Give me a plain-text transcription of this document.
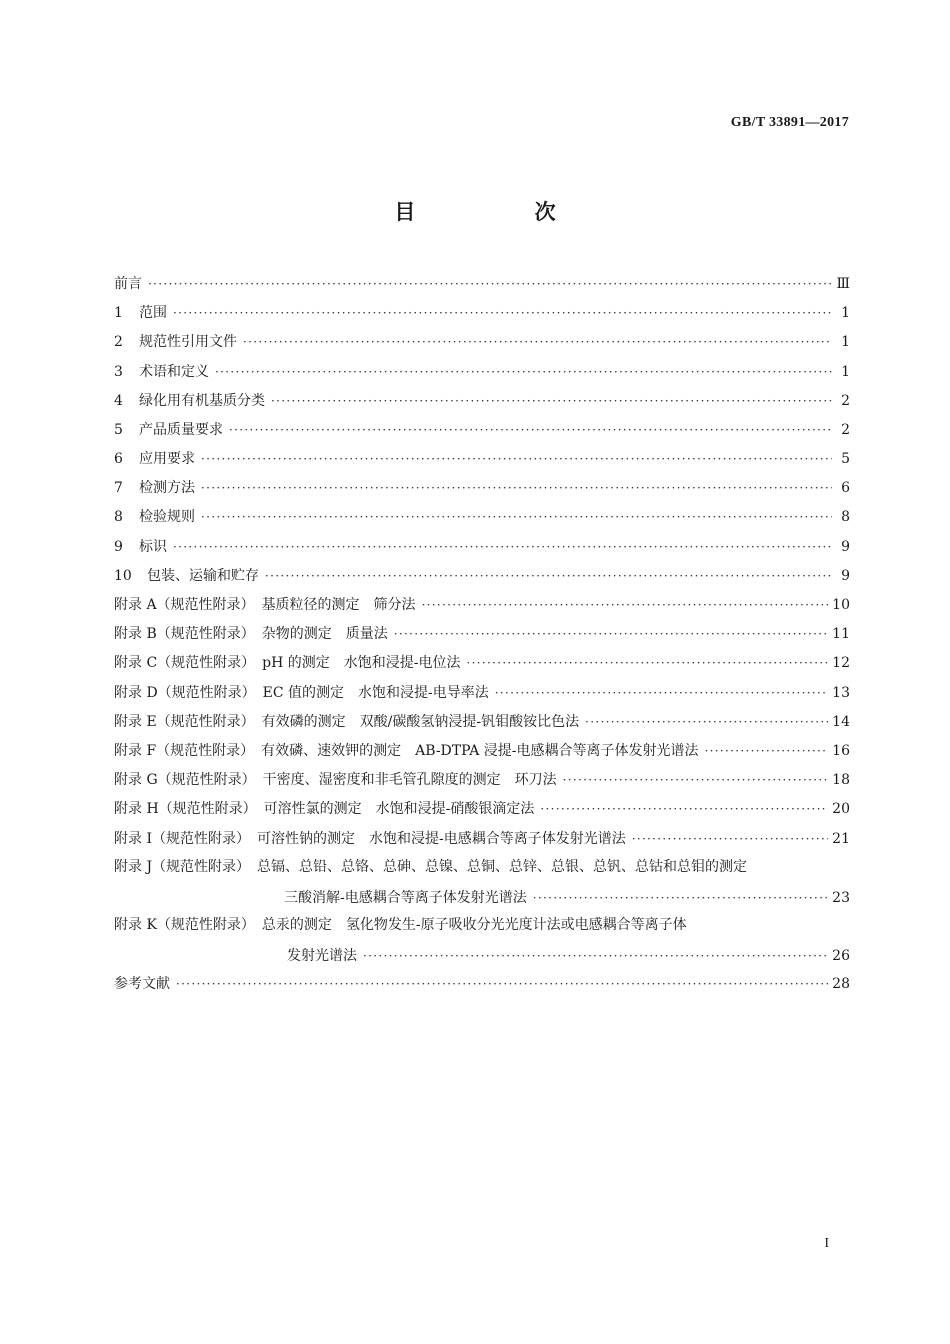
GB/T 33891—2017
目 次
前言 ·····	Ⅲ
1	范围 ·····	1
2	规范性引用文件 ·····	1
3	术语和定义 ·····	1
4	绿化用有机基质分类 ·····	2
5	产品质量要求 ·····	2
6	应用要求 ·····	5
7	检测方法 ·····	6
8	检验规则 ·····	8
9	标识 ·····	9
10	包装、运输和贮存 ·····	9
附录 A（规范性附录）　基质粒径的测定　筛分法 ·····	10
附录 B（规范性附录）　杂物的测定　质量法 ·····	11
附录 C（规范性附录）　pH 的测定　水饱和浸提-电位法 ·····	12
附录 D（规范性附录）　EC 值的测定　水饱和浸提-电导率法 ·····	13
附录 E（规范性附录）　有效磷的测定　双酸/碳酸氢钠浸提-钒钼酸铵比色法 ·····	14
附录 F（规范性附录）　有效磷、速效钾的测定　AB-DTPA 浸提-电感耦合等离子体发射光谱法 ·····	16
附录 G（规范性附录）　干密度、湿密度和非毛管孔隙度的测定　环刀法 ·····	18
附录 H（规范性附录）　可溶性氯的测定　水饱和浸提-硝酸银滴定法 ·····	20
附录 I（规范性附录）　可溶性钠的测定　水饱和浸提-电感耦合等离子体发射光谱法 ·····	21
附录 J（规范性附录）　总镉、总铅、总铬、总砷、总镍、总铜、总锌、总银、总钒、总钴和总钼的测定
三酸消解-电感耦合等离子体发射光谱法 ·····	23
附录 K（规范性附录）　总汞的测定　氢化物发生-原子吸收分光光度计法或电感耦合等离子体
发射光谱法 ·····	26
参考文献 ·····	28
I
